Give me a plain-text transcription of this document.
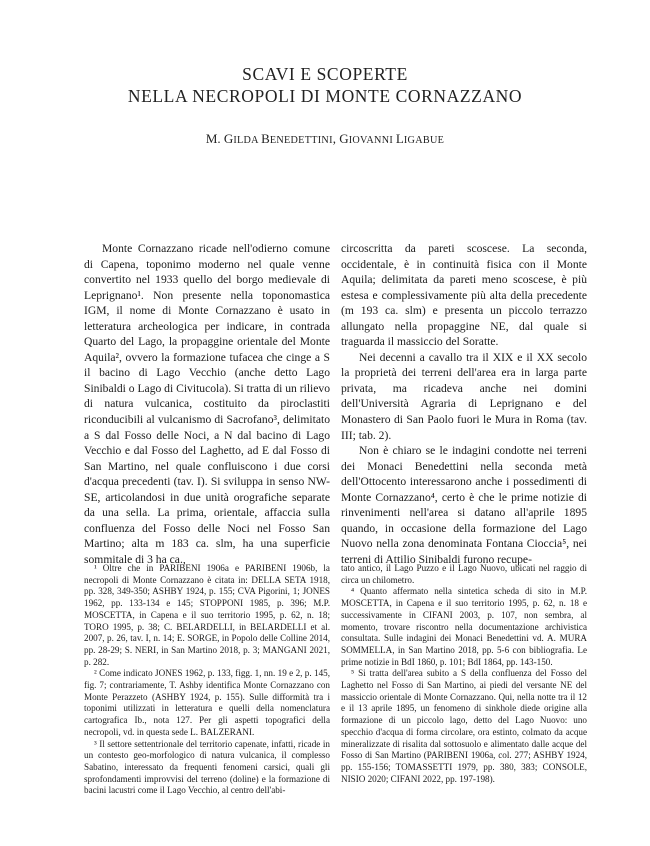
SCAVI E SCOPERTE
NELLA NECROPOLI DI MONTE CORNAZZANO
M. GILDA BENEDETTINI, GIOVANNI LIGABUE

Monte Cornazzano ricade nell'odierno comune di Capena, toponimo moderno nel quale venne convertito nel 1933 quello del borgo medievale di Leprignano¹. Non presente nella toponomastica IGM, il nome di Monte Cornazzano è usato in letteratura archeologica per indicare, in contrada Quarto del Lago, la propaggine orientale del Monte Aquila², ovvero la formazione tufacea che cinge a S il bacino di Lago Vecchio (anche detto Lago Sinibaldi o Lago di Civitucola). Si tratta di un rilievo di natura vulcanica, costituito da piroclastiti riconducibili al vulcanismo di Sacrofano³, delimitato a S dal Fosso delle Noci, a N dal bacino di Lago Vecchio e dal Fosso del Laghetto, ad E dal Fosso di San Martino, nel quale confluiscono i due corsi d'acqua precedenti (tav. I). Si sviluppa in senso NW-SE, articolandosi in due unità orografiche separate da una sella. La prima, orientale, affaccia sulla confluenza del Fosso delle Noci nel Fosso San Martino; alta m 183 ca. slm, ha una superficie sommitale di 3 ha ca.,

circoscritta da pareti scoscese. La seconda, occidentale, è in continuità fisica con il Monte Aquila; delimitata da pareti meno scoscese, è più estesa e complessivamente più alta della precedente (m 193 ca. slm) e presenta un piccolo terrazzo allungato nella propaggine NE, dal quale si traguarda il massiccio del Soratte.

Nei decenni a cavallo tra il XIX e il XX secolo la proprietà dei terreni dell'area era in larga parte privata, ma ricadeva anche nei domini dell'Università Agraria di Leprignano e del Monastero di San Paolo fuori le Mura in Roma (tav. III; tab. 2).

Non è chiaro se le indagini condotte nei terreni dei Monaci Benedettini nella seconda metà dell'Ottocento interessarono anche i possedimenti di Monte Cornazzano⁴, certo è che le prime notizie di rinvenimenti nell'area si datano all'aprile 1895 quando, in occasione della formazione del Lago Nuovo nella zona denominata Fontana Cioccia⁵, nei terreni di Attilio Sinibaldi furono recupe-

¹ Oltre che in PARIBENI 1906a e PARIBENI 1906b, la necropoli di Monte Cornazzano è citata in: DELLA SETA 1918, pp. 328, 349-350; ASHBY 1924, p. 155; CVA Pigorini, 1; JONES 1962, pp. 133-134 e 145; STOPPONI 1985, p. 396; M.P. MOSCETTA, in Capena e il suo territorio 1995, p. 62, n. 18; TORO 1995, p. 38; C. BELARDELLI, in BELARDELLI et al. 2007, p. 26, tav. I, n. 14; E. SORGE, in Popolo delle Colline 2014, pp. 28-29; S. NERI, in San Martino 2018, p. 3; MANGANI 2021, p. 282.

² Come indicato JONES 1962, p. 133, figg. 1, nn. 19 e 2, p. 145, fig. 7; contrariamente, T. Ashby identifica Monte Cornazzano con Monte Perazzeto (ASHBY 1924, p. 155). Sulle difformità tra i toponimi utilizzati in letteratura e quelli della nomenclatura cartografica Ib., nota 127. Per gli aspetti topografici della necropoli, vd. in questa sede L. BALZERANI.

³ Il settore settentrionale del territorio capenate, infatti, ricade in un contesto geo-morfologico di natura vulcanica, il complesso Sabatino, interessato da frequenti fenomeni carsici, quali gli sprofondamenti improvvisi del terreno (doline) e la formazione di bacini lacustri come il Lago Vecchio, al centro dell'abi-

tato antico, il Lago Puzzo e il Lago Nuovo, ubicati nel raggio di circa un chilometro.

⁴ Quanto affermato nella sintetica scheda di sito in M.P. MOSCETTA, in Capena e il suo territorio 1995, p. 62, n. 18 e successivamente in CIFANI 2003, p. 107, non sembra, al momento, trovare riscontro nella documentazione archivistica consultata. Sulle indagini dei Monaci Benedettini vd. A. MURA SOMMELLA, in San Martino 2018, pp. 5-6 con bibliografia. Le prime notizie in BdI 1860, p. 101; BdI 1864, pp. 143-150.

⁵ Si tratta dell'area subito a S della confluenza del Fosso del Laghetto nel Fosso di San Martino, ai piedi del versante NE del massiccio orientale di Monte Cornazzano. Qui, nella notte tra il 12 e il 13 aprile 1895, un fenomeno di sinkhole diede origine alla formazione di un piccolo lago, detto del Lago Nuovo: uno specchio d'acqua di forma circolare, ora estinto, colmato da acque mineralizzate di risalita dal sottosuolo e alimentato dalle acque del Fosso di San Martino (PARIBENI 1906a, col. 277; ASHBY 1924, pp. 155-156; TOMASSETTI 1979, pp. 380, 383; CONSOLE, NISIO 2020; CIFANI 2022, pp. 197-198).
